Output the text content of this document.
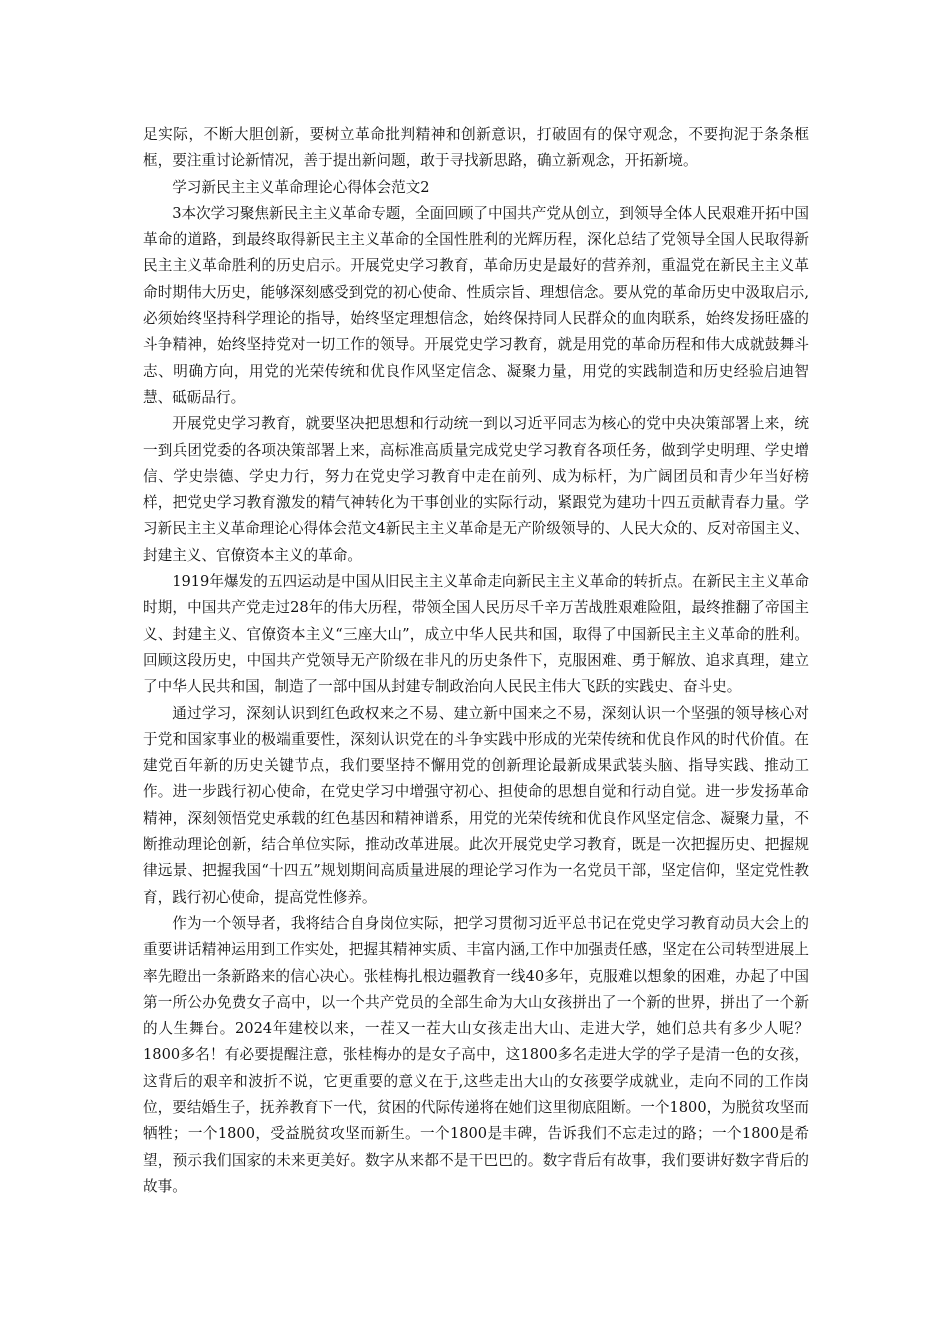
足实际，不断大胆创新，要树立革命批判精神和创新意识，打破固有的保守观念，不要拘泥于条条框框，要注重讨论新情况，善于提出新问题，敢于寻找新思路，确立新观念，开拓新境。

学习新民主主义革命理论心得体会范文2

3本次学习聚焦新民主主义革命专题，全面回顾了中国共产党从创立，到领导全体人民艰难开拓中国革命的道路，到最终取得新民主主义革命的全国性胜利的光辉历程，深化总结了党领导全国人民取得新民主主义革命胜利的历史启示。开展党史学习教育，革命历史是最好的营养剂，重温党在新民主主义革命时期伟大历史，能够深刻感受到党的初心使命、性质宗旨、理想信念。要从党的革命历史中汲取启示,必须始终坚持科学理论的指导，始终坚定理想信念，始终保持同人民群众的血肉联系，始终发扬旺盛的斗争精神，始终坚持党对一切工作的领导。开展党史学习教育，就是用党的革命历程和伟大成就鼓舞斗志、明确方向，用党的光荣传统和优良作风坚定信念、凝聚力量，用党的实践制造和历史经验启迪智慧、砥砺品行。

开展党史学习教育，就要坚决把思想和行动统一到以习近平同志为核心的党中央决策部署上来，统一到兵团党委的各项决策部署上来，高标准高质量完成党史学习教育各项任务，做到学史明理、学史增信、学史崇德、学史力行，努力在党史学习教育中走在前列、成为标杆，为广阔团员和青少年当好榜样，把党史学习教育激发的精气神转化为干事创业的实际行动，紧跟党为建功十四五贡献青春力量。学习新民主主义革命理论心得体会范文4新民主主义革命是无产阶级领导的、人民大众的、反对帝国主义、封建主义、官僚资本主义的革命。

1919年爆发的五四运动是中国从旧民主主义革命走向新民主主义革命的转折点。在新民主主义革命时期，中国共产党走过28年的伟大历程，带领全国人民历尽千辛万苦战胜艰难险阻，最终推翻了帝国主义、封建主义、官僚资本主义“三座大山”，成立中华人民共和国，取得了中国新民主主义革命的胜利。回顾这段历史，中国共产党领导无产阶级在非凡的历史条件下，克服困难、勇于解放、追求真理，建立了中华人民共和国，制造了一部中国从封建专制政治向人民民主伟大飞跃的实践史、奋斗史。

通过学习，深刻认识到红色政权来之不易、建立新中国来之不易，深刻认识一个坚强的领导核心对于党和国家事业的极端重要性，深刻认识党在的斗争实践中形成的光荣传统和优良作风的时代价值。在建党百年新的历史关键节点，我们要坚持不懈用党的创新理论最新成果武装头脑、指导实践、推动工作。进一步践行初心使命，在党史学习中增强守初心、担使命的思想自觉和行动自觉。进一步发扬革命精神，深刻领悟党史承载的红色基因和精神谱系，用党的光荣传统和优良作风坚定信念、凝聚力量，不断推动理论创新，结合单位实际，推动改革进展。此次开展党史学习教育，既是一次把握历史、把握规律远景、把握我国“十四五”规划期间高质量进展的理论学习作为一名党员干部，坚定信仰，坚定党性教育，践行初心使命，提高党性修养。

作为一个领导者，我将结合自身岗位实际，把学习贯彻习近平总书记在党史学习教育动员大会上的重要讲话精神运用到工作实处，把握其精神实质、丰富内涵,工作中加强责任感，坚定在公司转型进展上率先瞪出一条新路来的信心决心。张桂梅扎根边疆教育一线40多年，克服难以想象的困难，办起了中国第一所公办免费女子高中，以一个共产党员的全部生命为大山女孩拼出了一个新的世界，拼出了一个新的人生舞台。2024年建校以来，一茬又一茬大山女孩走出大山、走进大学，她们总共有多少人呢？1800多名！有必要提醒注意，张桂梅办的是女子高中，这1800多名走进大学的学子是清一色的女孩，这背后的艰辛和波折不说，它更重要的意义在于,这些走出大山的女孩要学成就业，走向不同的工作岗位，要结婚生子，抚养教育下一代，贫困的代际传递将在她们这里彻底阻断。一个1800，为脱贫攻坚而牺牲；一个1800，受益脱贫攻坚而新生。一个1800是丰碑，告诉我们不忘走过的路；一个1800是希望，预示我们国家的未来更美好。数字从来都不是干巴巴的。数字背后有故事，我们要讲好数字背后的故事。
